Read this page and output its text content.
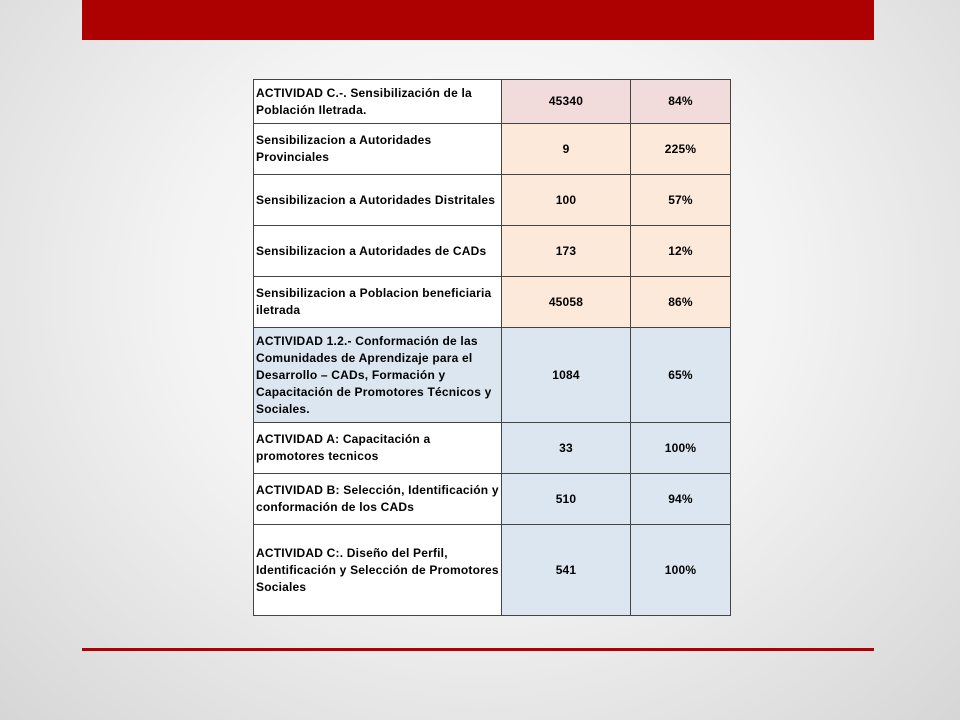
ACTIVIDAD C.-. Sensibilización de la Población Iletrada.	45340	84%
Sensibilizacion a Autoridades Provinciales	9	225%
Sensibilizacion a Autoridades Distritales	100	57%
Sensibilizacion a Autoridades de CADs	173	12%
Sensibilizacion a Poblacion beneficiaria iletrada	45058	86%
ACTIVIDAD 1.2.- Conformación de las Comunidades de Aprendizaje para el Desarrollo – CADs, Formación y Capacitación de Promotores Técnicos y Sociales.	1084	65%
ACTIVIDAD A: Capacitación a promotores tecnicos	33	100%
ACTIVIDAD B: Selección, Identificación y conformación de los CADs	510	94%
ACTIVIDAD C:. Diseño del Perfil, Identificación y Selección de Promotores Sociales	541	100%
